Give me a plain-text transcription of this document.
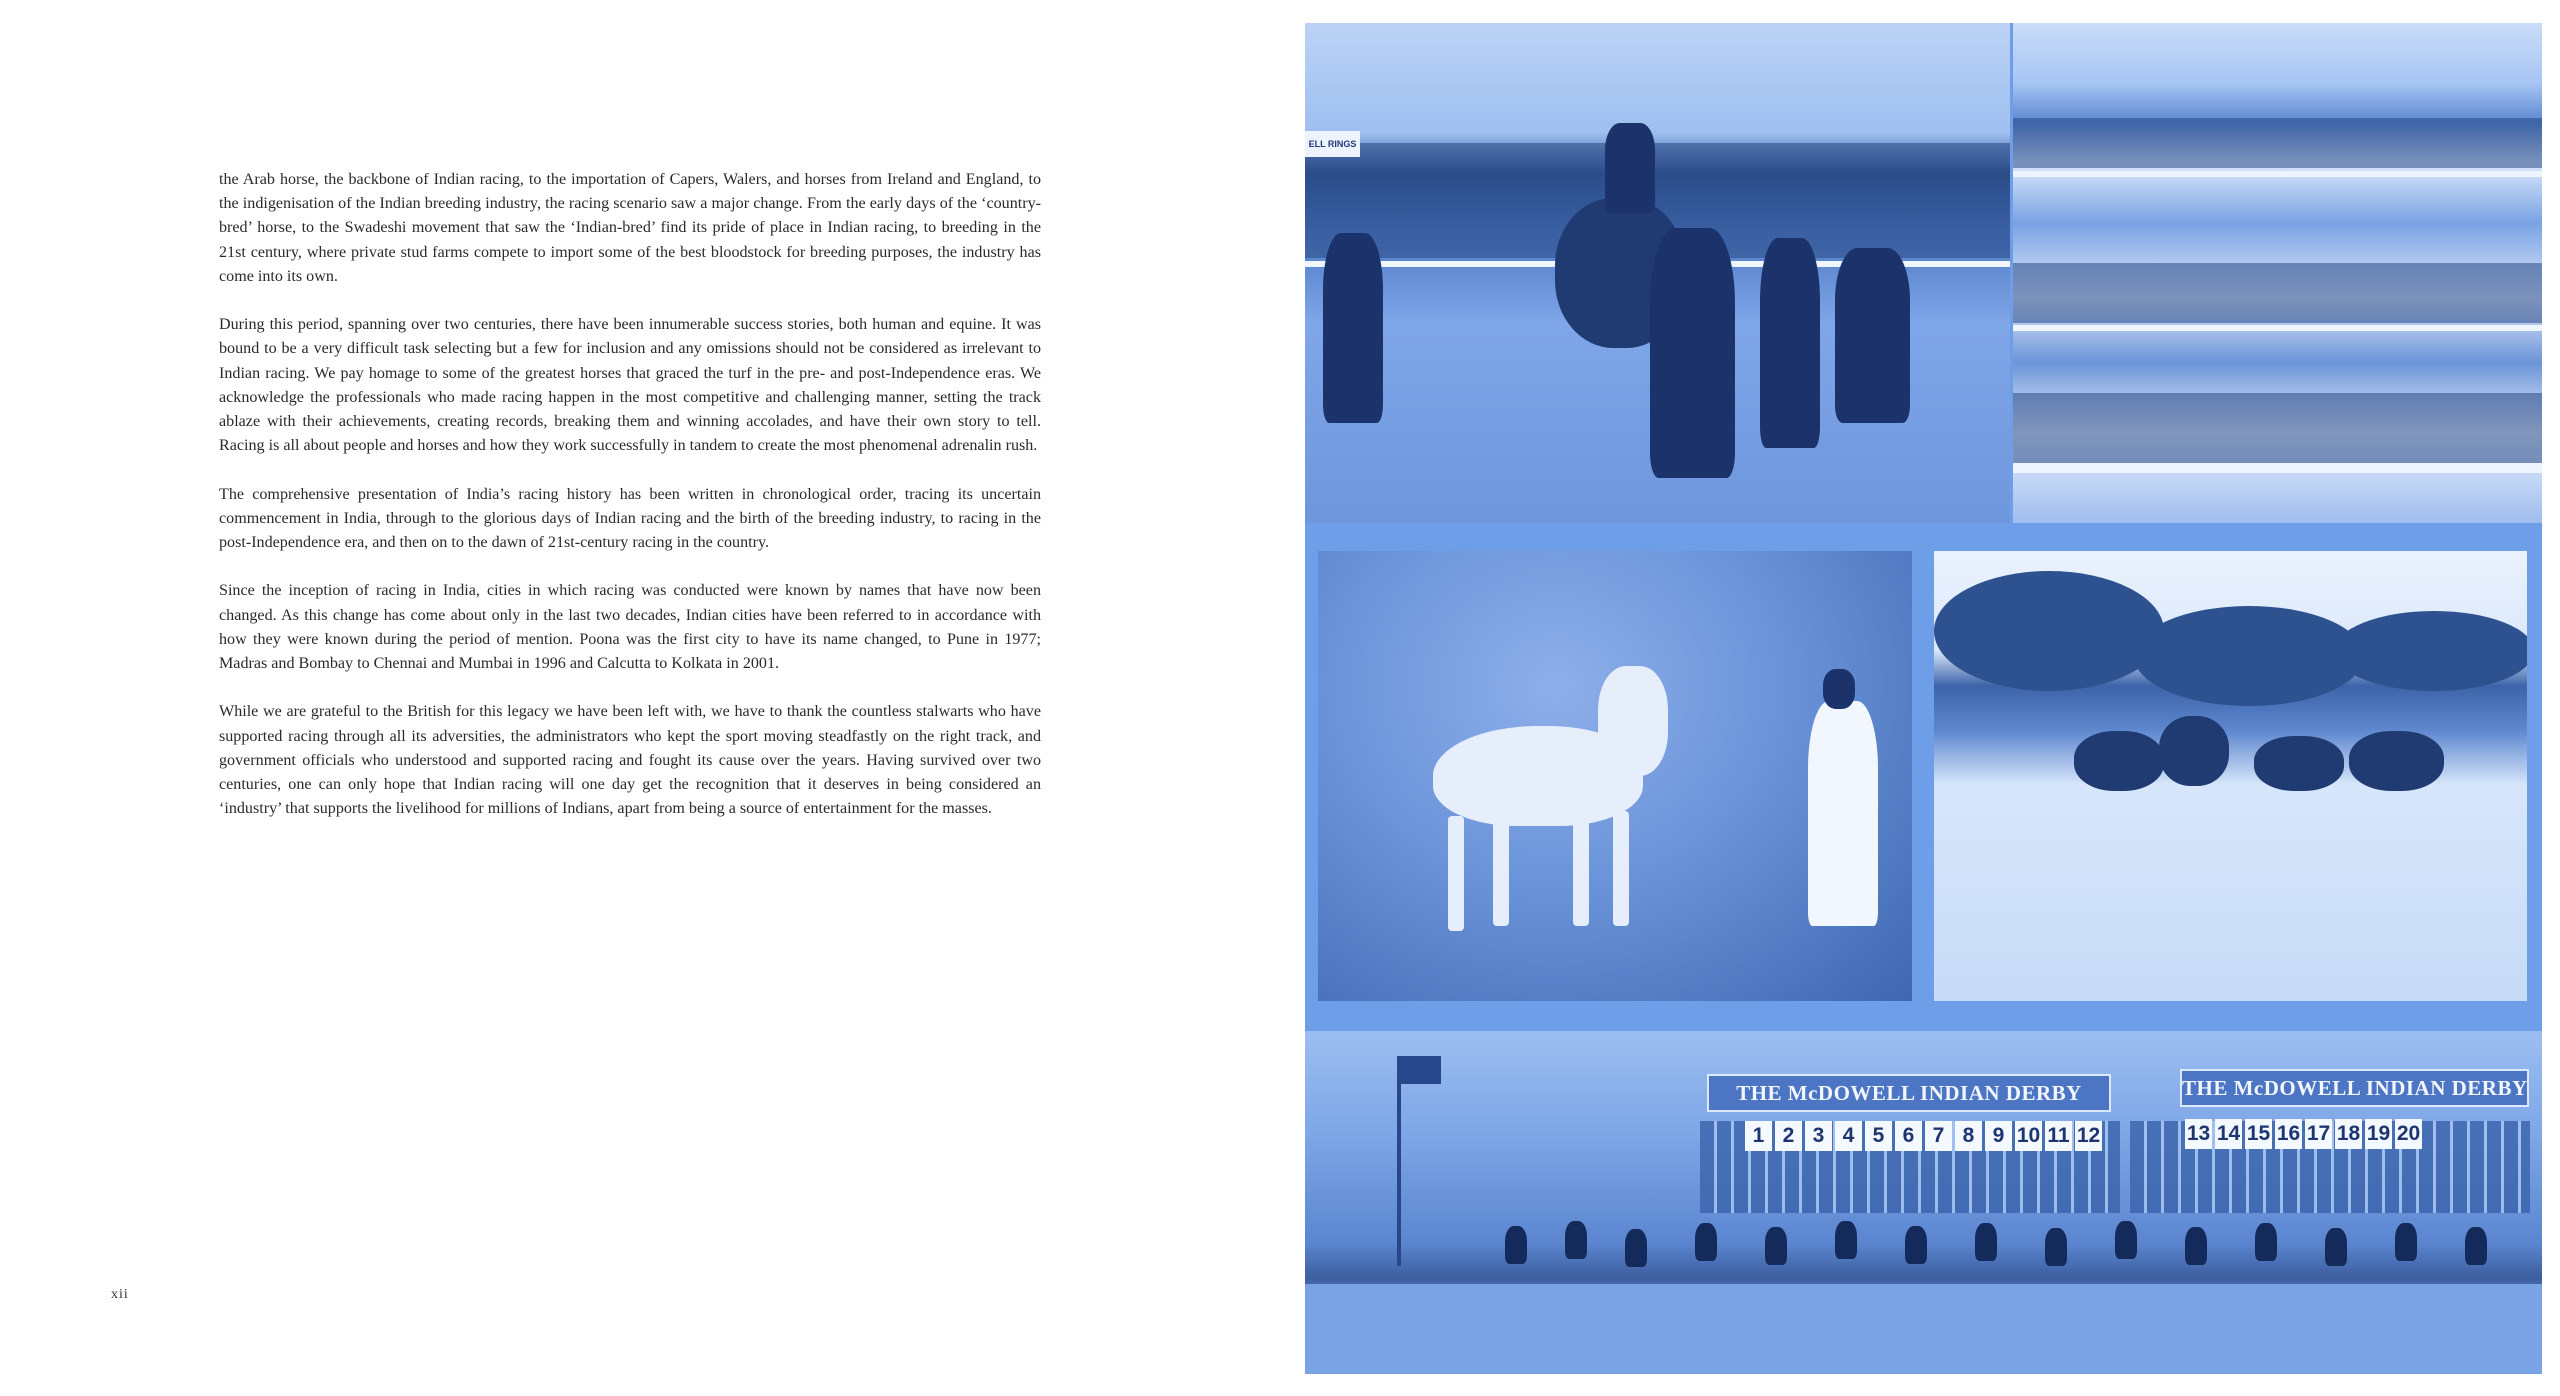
the Arab horse, the backbone of Indian racing, to the importation of Capers, Walers, and horses from Ireland and England, to the indigenisation of the Indian breeding industry, the racing scenario saw a major change. From the early days of the ‘country-bred’ horse, to the Swadeshi movement that saw the ‘Indian-bred’ find its pride of place in Indian racing, to breeding in the 21st century, where private stud farms compete to import some of the best bloodstock for breeding purposes, the industry has come into its own.

During this period, spanning over two centuries, there have been innumerable success stories, both human and equine. It was bound to be a very difficult task selecting but a few for inclusion and any omissions should not be considered as irrelevant to Indian racing. We pay homage to some of the greatest horses that graced the turf in the pre- and post-Independence eras. We acknowledge the professionals who made racing happen in the most competitive and challenging manner, setting the track ablaze with their achievements, creating records, breaking them and winning accolades, and have their own story to tell. Racing is all about people and horses and how they work successfully in tandem to create the most phenomenal adrenalin rush.

The comprehensive presentation of India’s racing history has been written in chronological order, tracing its uncertain commencement in India, through to the glorious days of Indian racing and the birth of the breeding industry, to racing in the post-Independence era, and then on to the dawn of 21st-century racing in the country.

Since the inception of racing in India, cities in which racing was conducted were known by names that have now been changed. As this change has come about only in the last two decades, Indian cities have been referred to in accordance with how they were known during the period of mention. Poona was the first city to have its name changed, to Pune in 1977; Madras and Bombay to Chennai and Mumbai in 1996 and Calcutta to Kolkata in 2001.

While we are grateful to the British for this legacy we have been left with, we have to thank the countless stalwarts who have supported racing through all its adversities, the administrators who kept the sport moving steadfastly on the right track, and government officials who understood and supported racing and fought its cause over the years. Having survived over two centuries, one can only hope that Indian racing will one day get the recognition that it deserves in being considered an ‘industry’ that supports the livelihood for millions of Indians, apart from being a source of entertainment for the masses.

xii
ELL RINGS
THE McDOWELL INDIAN DERBY	THE McDOWELL INDIAN DERBY
1 2 3 4 5 6 7 8 9 10 11 12	13 14 15 16 17 18 19 20
